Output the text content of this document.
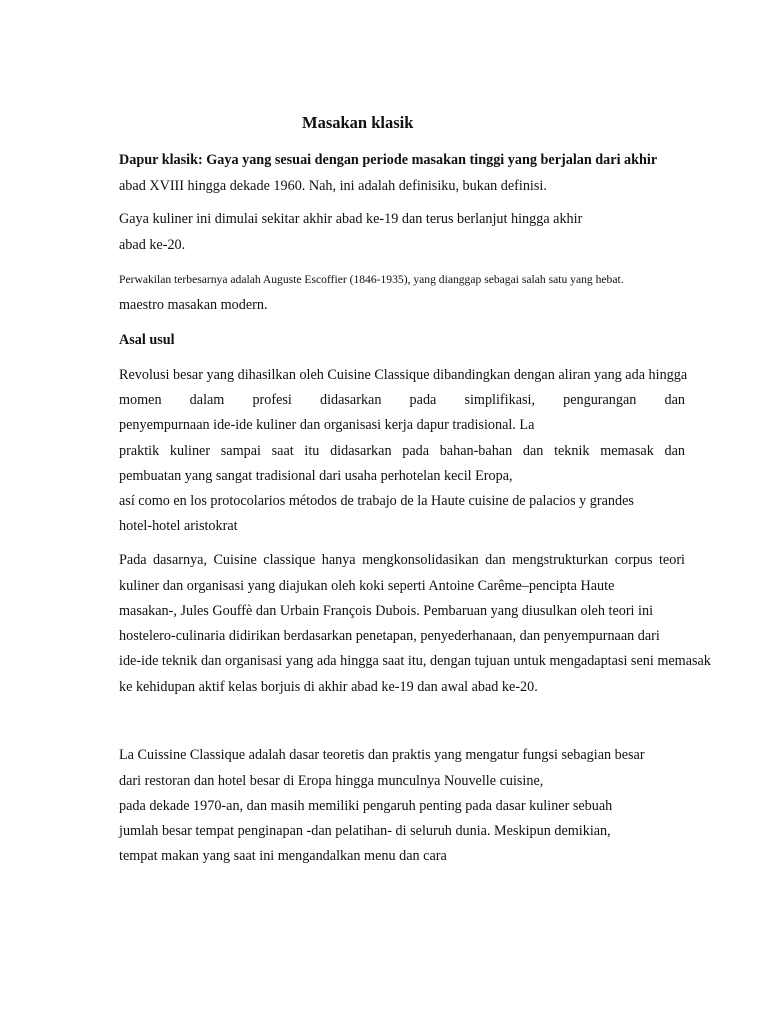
Masakan klasik
Dapur klasik: Gaya yang sesuai dengan periode masakan tinggi yang berjalan dari akhir
abad XVIII hingga dekade 1960. Nah, ini adalah definisiku, bukan definisi.
Gaya kuliner ini dimulai sekitar akhir abad ke-19 dan terus berlanjut hingga akhir
abad ke-20.
Perwakilan terbesarnya adalah Auguste Escoffier (1846-1935), yang dianggap sebagai salah satu yang hebat.
maestro masakan modern.
Asal usul
Revolusi besar yang dihasilkan oleh Cuisine Classique dibandingkan dengan aliran yang ada hingga
momen dalam profesi didasarkan pada simplifikasi, pengurangan dan
penyempurnaan ide-ide kuliner dan organisasi kerja dapur tradisional. La
praktik kuliner sampai saat itu didasarkan pada bahan-bahan dan teknik memasak dan
pembuatan yang sangat tradisional dari usaha perhotelan kecil Eropa,
así como en los protocolarios métodos de trabajo de la Haute cuisine de palacios y grandes
hotel-hotel aristokrat
Pada dasarnya, Cuisine classique hanya mengkonsolidasikan dan mengstrukturkan corpus teori
kuliner dan organisasi yang diajukan oleh koki seperti Antoine Carême–pencipta Haute
masakan-, Jules Gouffè dan Urbain François Dubois. Pembaruan yang diusulkan oleh teori ini
hostelero-culinaria didirikan berdasarkan penetapan, penyederhanaan, dan penyempurnaan dari
ide-ide teknik dan organisasi yang ada hingga saat itu, dengan tujuan untuk mengadaptasi seni memasak
ke kehidupan aktif kelas borjuis di akhir abad ke-19 dan awal abad ke-20.
La Cuissine Classique adalah dasar teoretis dan praktis yang mengatur fungsi sebagian besar
dari restoran dan hotel besar di Eropa hingga munculnya Nouvelle cuisine,
pada dekade 1970-an, dan masih memiliki pengaruh penting pada dasar kuliner sebuah
jumlah besar tempat penginapan -dan pelatihan- di seluruh dunia. Meskipun demikian,
tempat makan yang saat ini mengandalkan menu dan cara
